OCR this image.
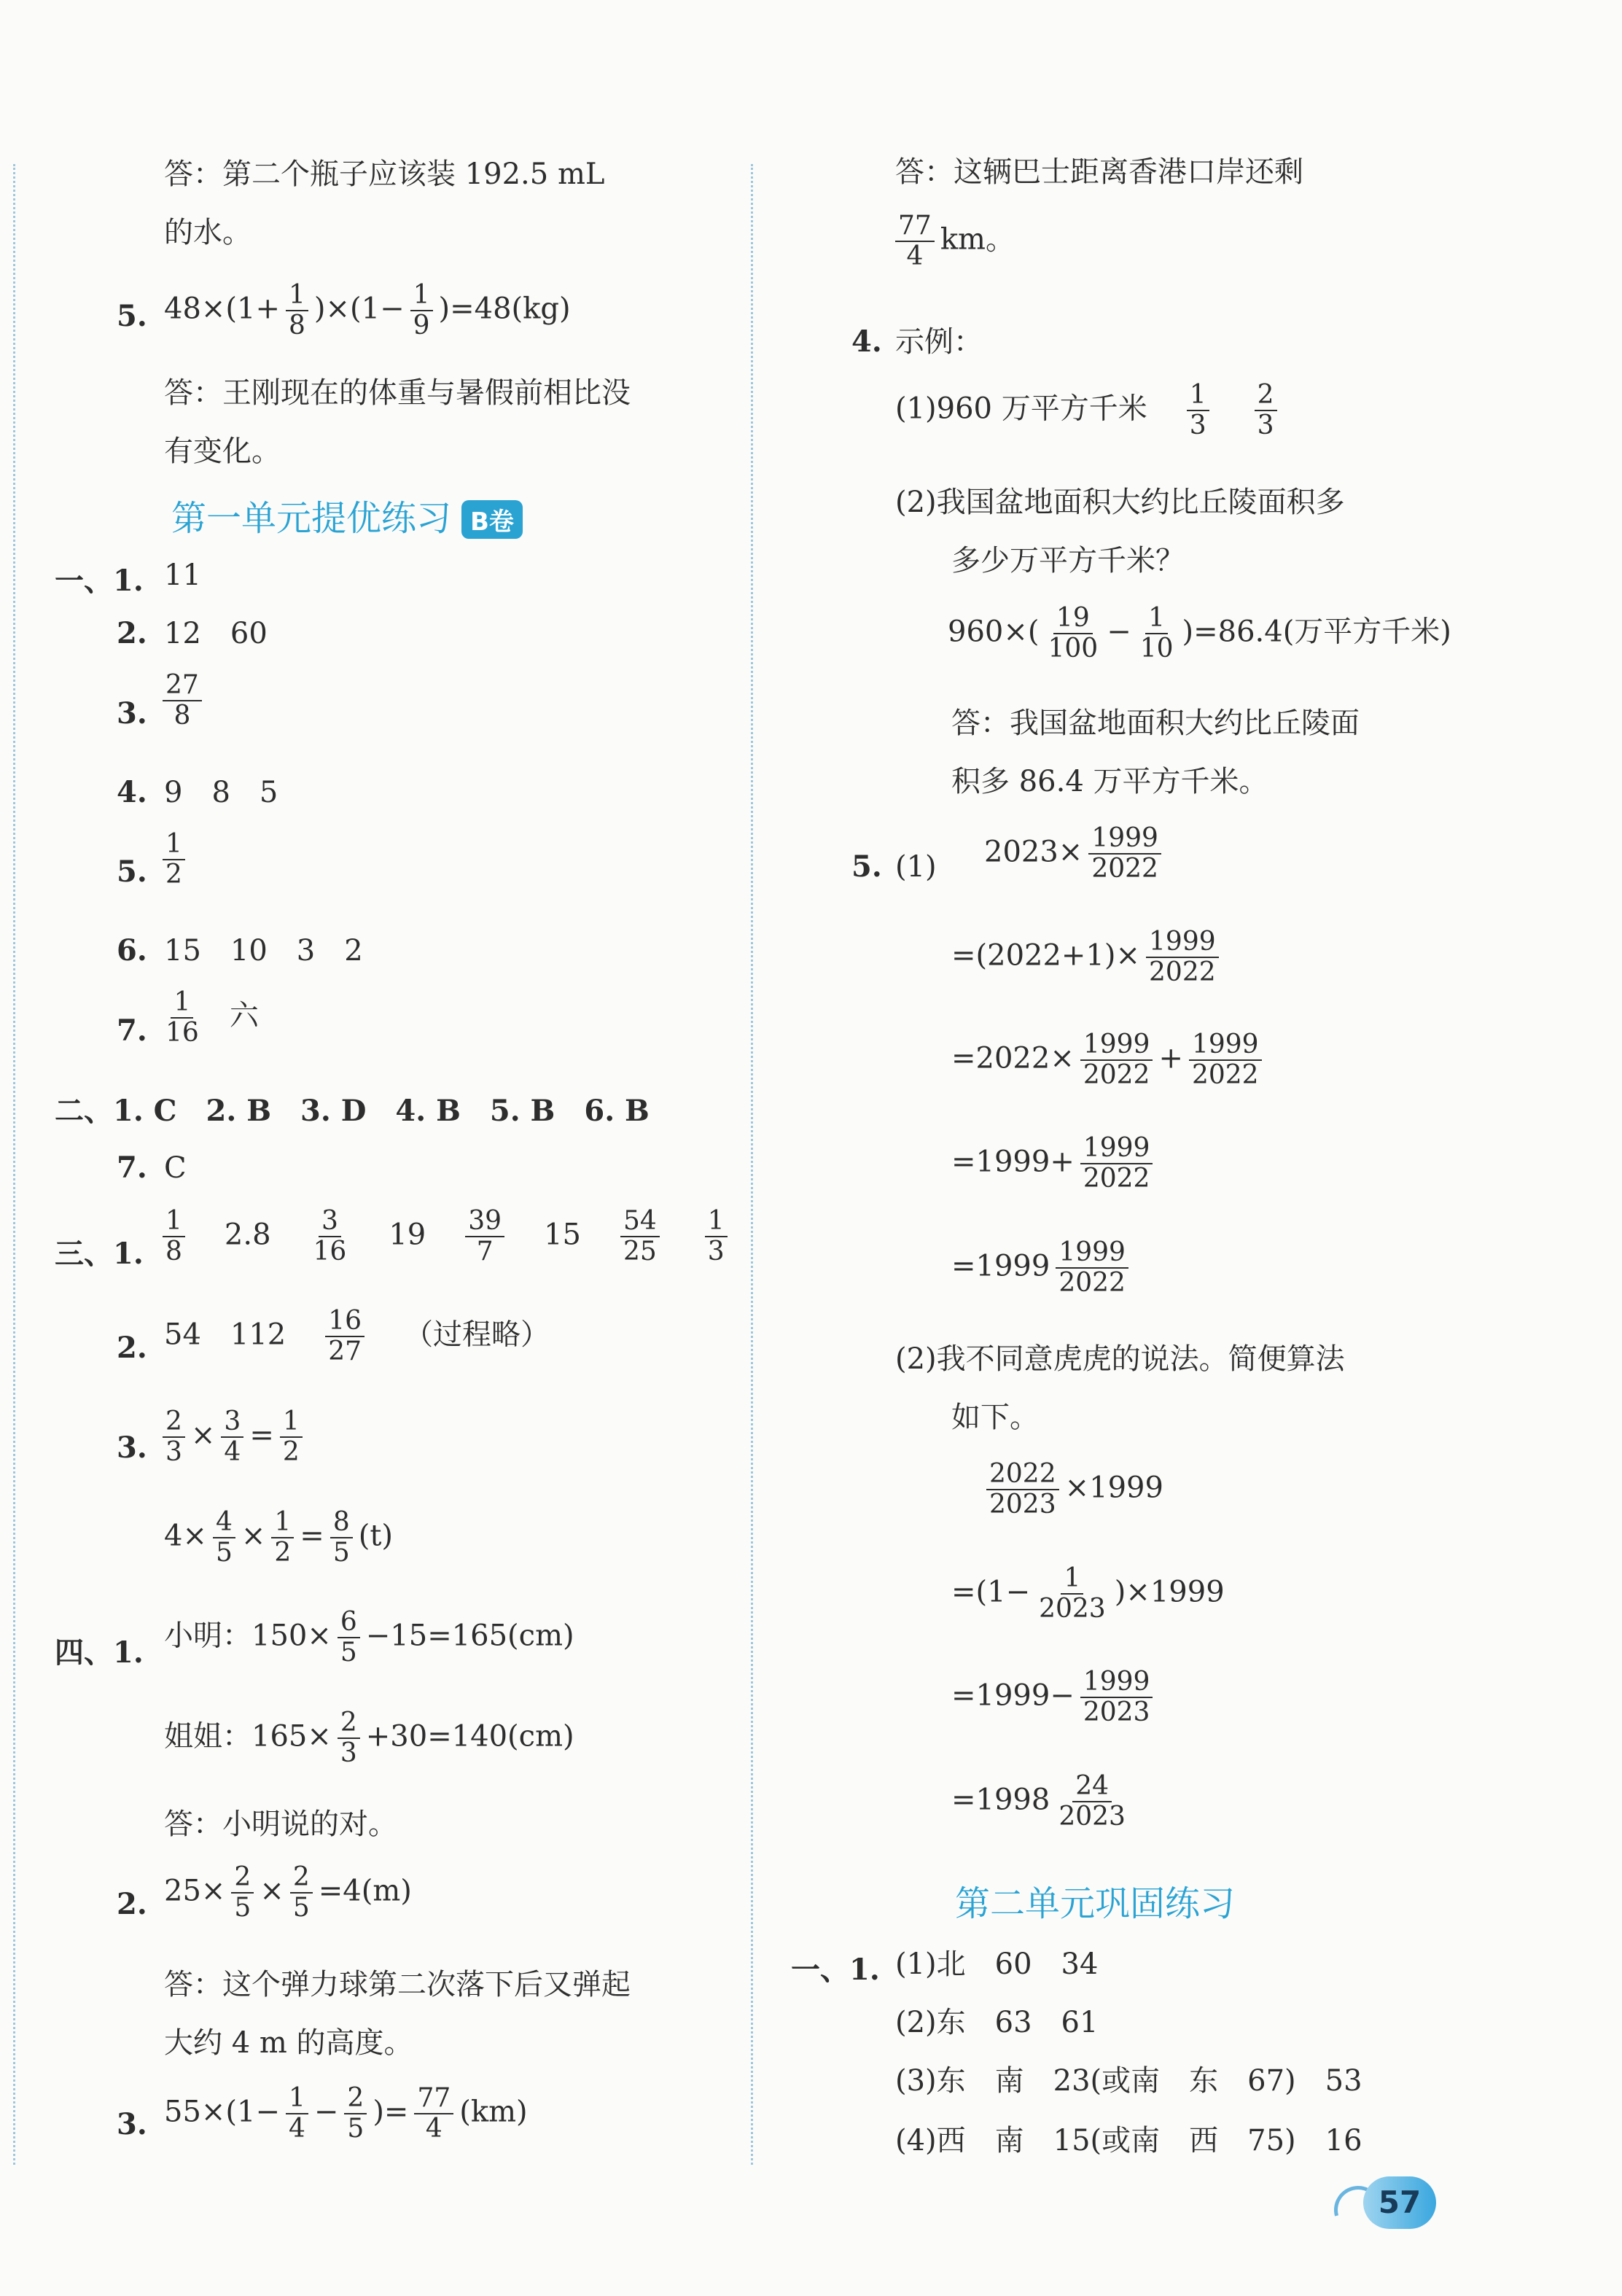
答：第二个瓶子应该装 192.5 mL
的水。
5. $48\times(1+ \frac{1}{8} )\times(1- \frac{1}{9} )=48(kg)$
答：王刚现在的体重与暑假前相比没
有变化。
第一单元提优练习 B卷
一、1. 11
2. 12　60
3. $\frac{27}{8}$
4. 9　8　5
5. $\frac{1}{2}$
6. 15　10　3　2
7. $\frac{1}{16}$ 六
二、1. C　2. B　3. D　4. B　5. B　6. B
7. C
三、1. $\frac{1}{8} 2.8 \frac{3}{16} 19 \frac{39}{7} 15 \frac{54}{25} \frac{1}{3}$
2. 54　$112 \frac{16}{27}$ （过程略）
3. $\frac{2}{3} \times \frac{3}{4} = \frac{1}{2}$
$4\times \frac{4}{5} \times \frac{1}{2} = \frac{8}{5} (t)$
四、1. 小明：$150\times \frac{6}{5} -15=165(cm)$
姐姐：$165\times \frac{2}{3} +30=140(cm)$
答：小明说的对。
2. $25\times \frac{2}{5} \times \frac{2}{5} =4(m)$
答：这个弹力球第二次落下后又弹起
大约 4 m 的高度。
3. $55\times(1- \frac{1}{4} - \frac{2}{5}$ )= $\frac{77}{4} (km)$
答：这辆巴士距离香港口岸还剩
$\frac{77}{4}$ km。
4. 示例：
(1)960 万平方千米 $\frac{1}{3} \frac{2}{3}$
(2)我国盆地面积大约比丘陵面积多
多少万平方千米？
$960\times( \frac{19}{100} - \frac{1}{10} )=86.4$(万平方千米)
答：我国盆地面积大约比丘陵面
积多 86.4 万平方千米。
5. (1) $2023\times \frac{1999}{2022}$
$=(2022+1)\times \frac{1999}{2022}$
$=2022\times \frac{1999}{2022} + \frac{1999}{2022}$
$=1999+ \frac{1999}{2022}$
$=1999 \frac{1999}{2022}$
(2)我不同意虎虎的说法。简便算法
如下。
$\frac{2022}{2023} \times 1999$
$=(1- \frac{1}{2023} )\times 1999$
$=1999- \frac{1999}{2023}$
$=1998 \frac{24}{2023}$
第二单元巩固练习
一、1. (1)北　60　34
(2)东　63　61
(3)东　南　23(或南　东　67)　53
(4)西　南　15(或南　西　75)　16
57
